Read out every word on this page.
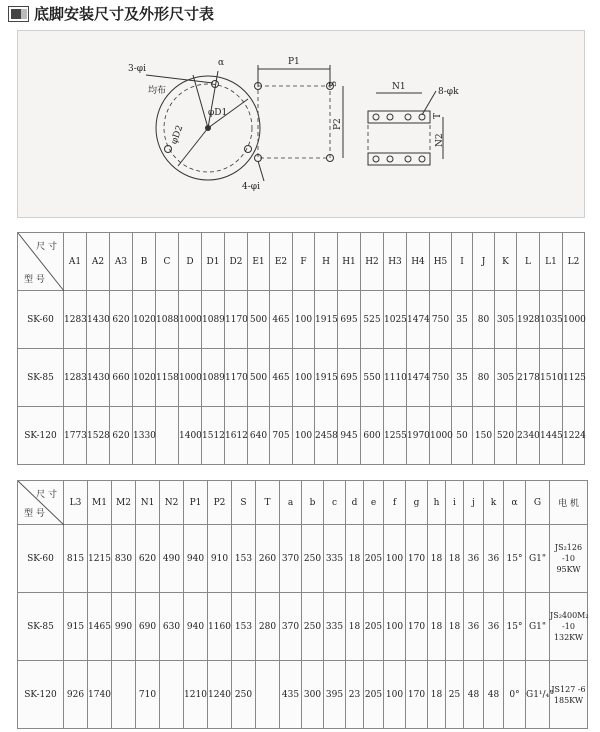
底脚安装尺寸及外形尺寸表
3-φi
均布
α
φD1
φD2
P1
P2
S
4-φi
N1
N2
T
8-φk
尺 寸
型 号	A1	A2	A3	B	C	D	D1	D2	E1	E2	F	H	H1	H2	H3	H4	H5	I	J	K	L	L1	L2
SK-60	1283	1430	620	1020	1088	1000	1089	1170	500	465	100	1915	695	525	1025	1474	750	35	80	305	1928	1035	1000
SK-85	1283	1430	660	1020	1158	1000	1089	1170	500	465	100	1915	695	550	1110	1474	750	35	80	305	2178	1510	1125
SK-120	1773	1528	620	1330		1400	1512	1612	640	705	100	2458	945	600	1255	1970	1000	50	150	520	2340	1445	1224
尺 寸
型 号	L3	M1	M2	N1	N2	P1	P2	S	T	a	b	c	d	e	f	g	h	i	j	k	α	G	电 机
SK-60	815	1215	830	620	490	940	910	153	260	370	250	335	18	205	100	170	18	18	36	36	15°	G1"	JS₂126 -10 95KW
SK-85	915	1465	990	690	630	940	1160	153	280	370	250	335	18	205	100	170	18	18	36	36	15°	G1"	JS₂400M₂ -10 132KW
SK-120	926	1740		710		1210	1240	250		435	300	395	23	205	100	170	18	25	48	48	0°	G1¹/₄"	JS127 -6 185KW
